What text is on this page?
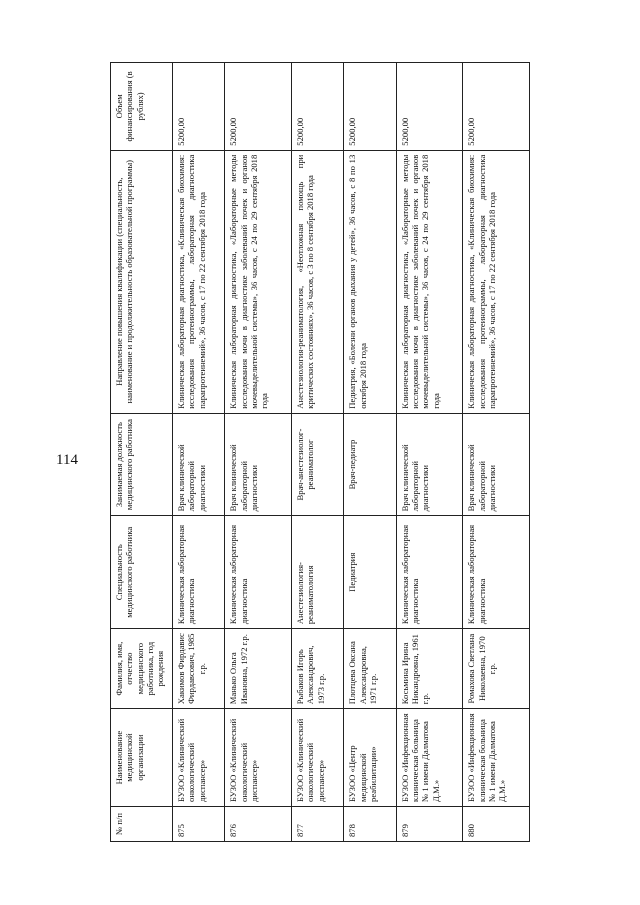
114
№ п/п	Наименование медицинской организации	Фамилия, имя, отчество медицинского работника, год рождения	Специальность медицинского работника	Занимаемая должность медицинского работника	Направление повышения квалификации (специальность, наименование и продолжительность образовательной программы)	Объем финансирования (в рублях)
875	БУЗОО «Клинический онкологический диспансер»	Хакимов Фирдавис Фирдавсович, 1985 г.р.	Клиническая лабораторная диагностика	Врач клинической лабораторной диагностики	Клиническая лабораторная диагностика, «Клиническая биохимия: исследования протеинограммы, лабораторная диагностика парапротеинемий», 36 часов, с 17 по 22 сентября 2018 года	5200,00
876	БУЗОО «Клинический онкологический диспансер»	Манько Ольга Ивановна, 1972 г.р.	Клиническая лабораторная диагностика	Врач клинической лабораторной диагностики	Клиническая лабораторная диагностика, «Лабораторные методы исследования мочи в диагностике заболеваний почек и органов мочевыделительной системы», 36 часов, с 24 по 29 сентября 2018 года	5200,00
877	БУЗОО «Клинический онкологический диспансер»	Рыбаков Игорь Александрович, 1973 г.р.	Анестезиология-реаниматология	Врач-анестезиолог-реаниматолог	Анестезиология-реаниматология, «Неотложная помощь при критических состояниях», 36 часов, с 3 по 8 сентября 2018 года	5200,00
878	БУЗОО «Центр медицинской реабилитации»	Плотцева Оксана Александровна, 1971 г.р.	Педиатрия	Врач-педиатр	Педиатрия, «Болезни органов дыхания у детей», 36 часов, с 8 по 13 октября 2018 года	5200,00
879	БУЗОО «Инфекционная клиническая больница № 1 имени Далматова Д.М.»	Косьмина Ирина Никандровна, 1961 г.р.	Клиническая лабораторная диагностика	Врач клинической лабораторной диагностики	Клиническая лабораторная диагностика, «Лабораторные методы исследования мочи в диагностике заболеваний почек и органов мочевыделительной системы», 36 часов, с 24 по 29 сентября 2018 года	5200,00
880	БУЗОО «Инфекционная клиническая больница № 1 имени Далматова Д.М.»	Ромахова Светлана Николаевна, 1970 г.р.	Клиническая лабораторная диагностика	Врач клинической лабораторной диагностики	Клиническая лабораторная диагностика, «Клиническая биохимия: исследования протеинограммы, лабораторная диагностика парапротеинемий», 36 часов, с 17 по 22 сентября 2018 года	5200,00
